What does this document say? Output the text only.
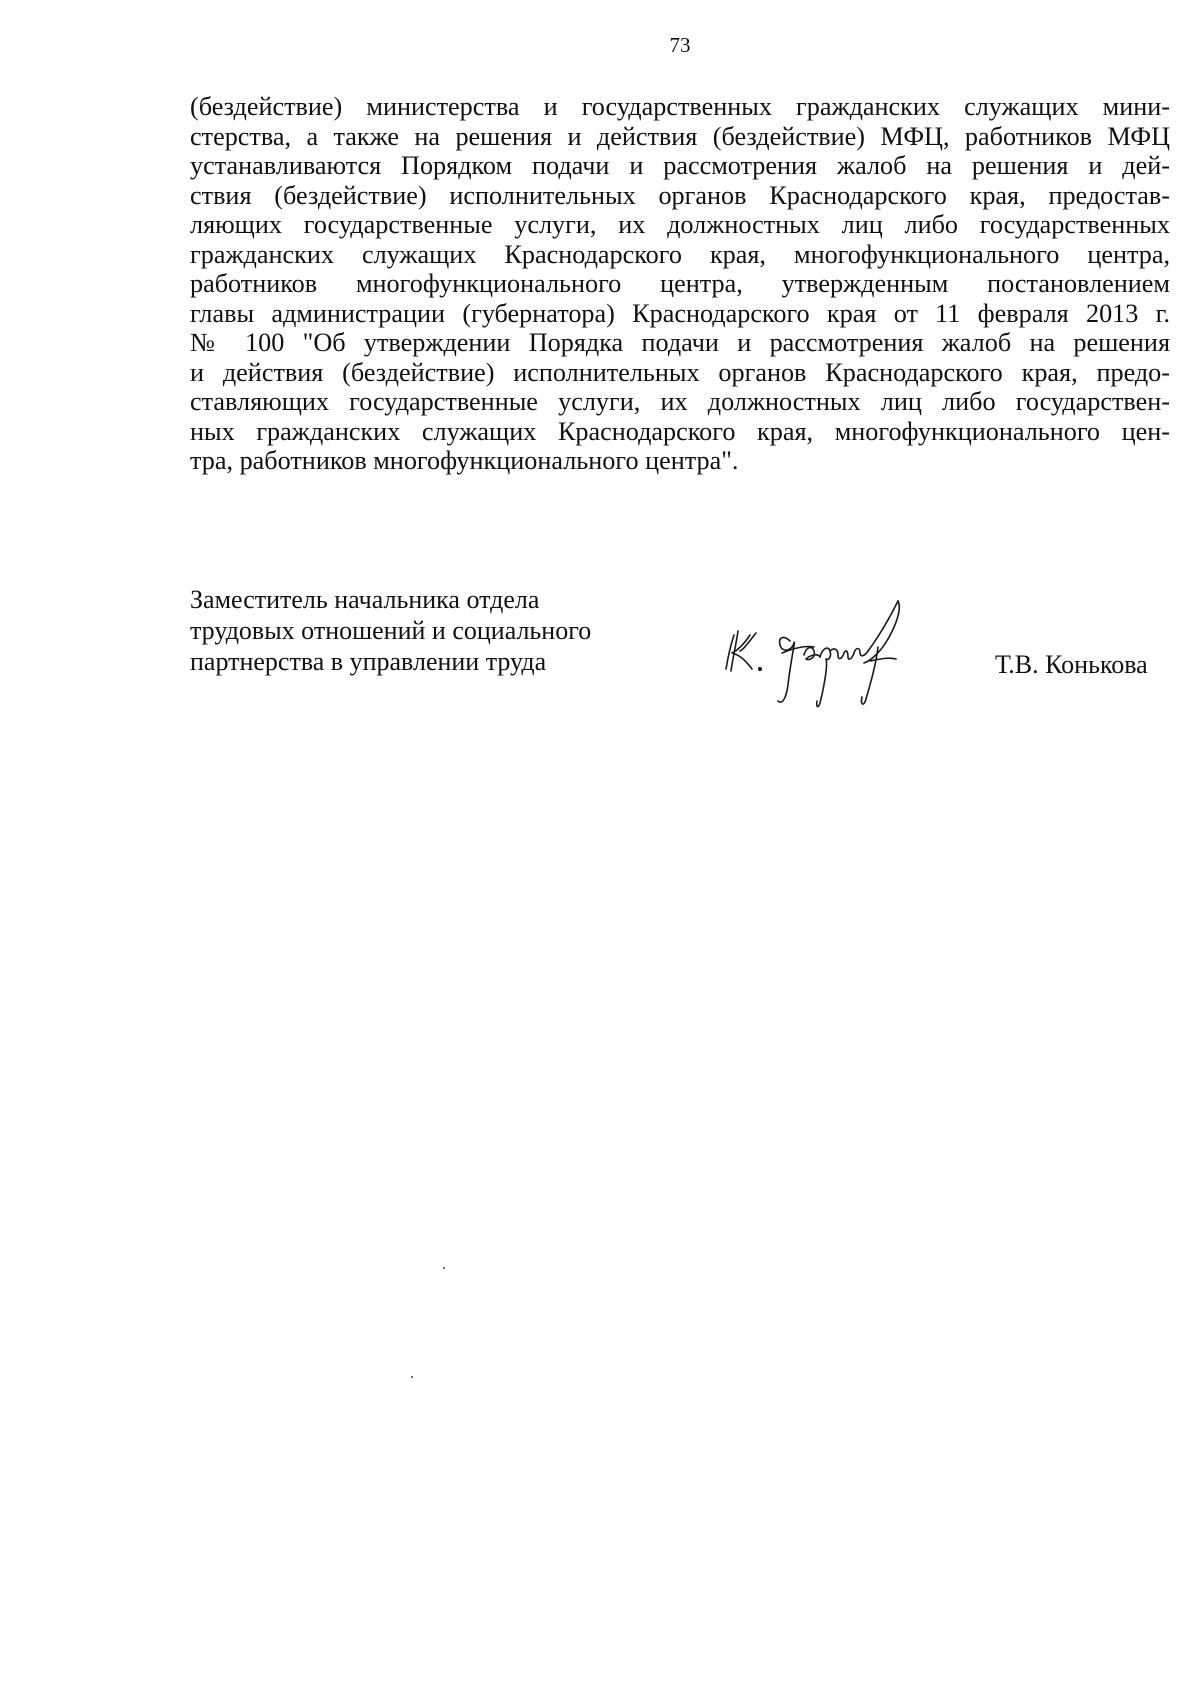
73
(бездействие) министерства и государственных гражданских служащих мини-
стерства, а также на решения и действия (бездействие) МФЦ, работников МФЦ
устанавливаются Порядком подачи и рассмотрения жалоб на решения и дей-
ствия (бездействие) исполнительных органов Краснодарского края, предостав-
ляющих государственные услуги, их должностных лиц либо государственных
гражданских служащих Краснодарского края, многофункционального центра,
работников многофункционального центра, утвержденным постановлением
главы администрации (губернатора) Краснодарского края от 11 февраля 2013 г.
№ 100 "Об утверждении Порядка подачи и рассмотрения жалоб на решения
и действия (бездействие) исполнительных органов Краснодарского края, предо-
ставляющих государственные услуги, их должностных лиц либо государствен-
ных гражданских служащих Краснодарского края, многофункционального цен-
тра, работников многофункционального центра".
Заместитель начальника отдела
трудовых отношений и социального
партнерства в управлении труда	Т.В. Конькова
